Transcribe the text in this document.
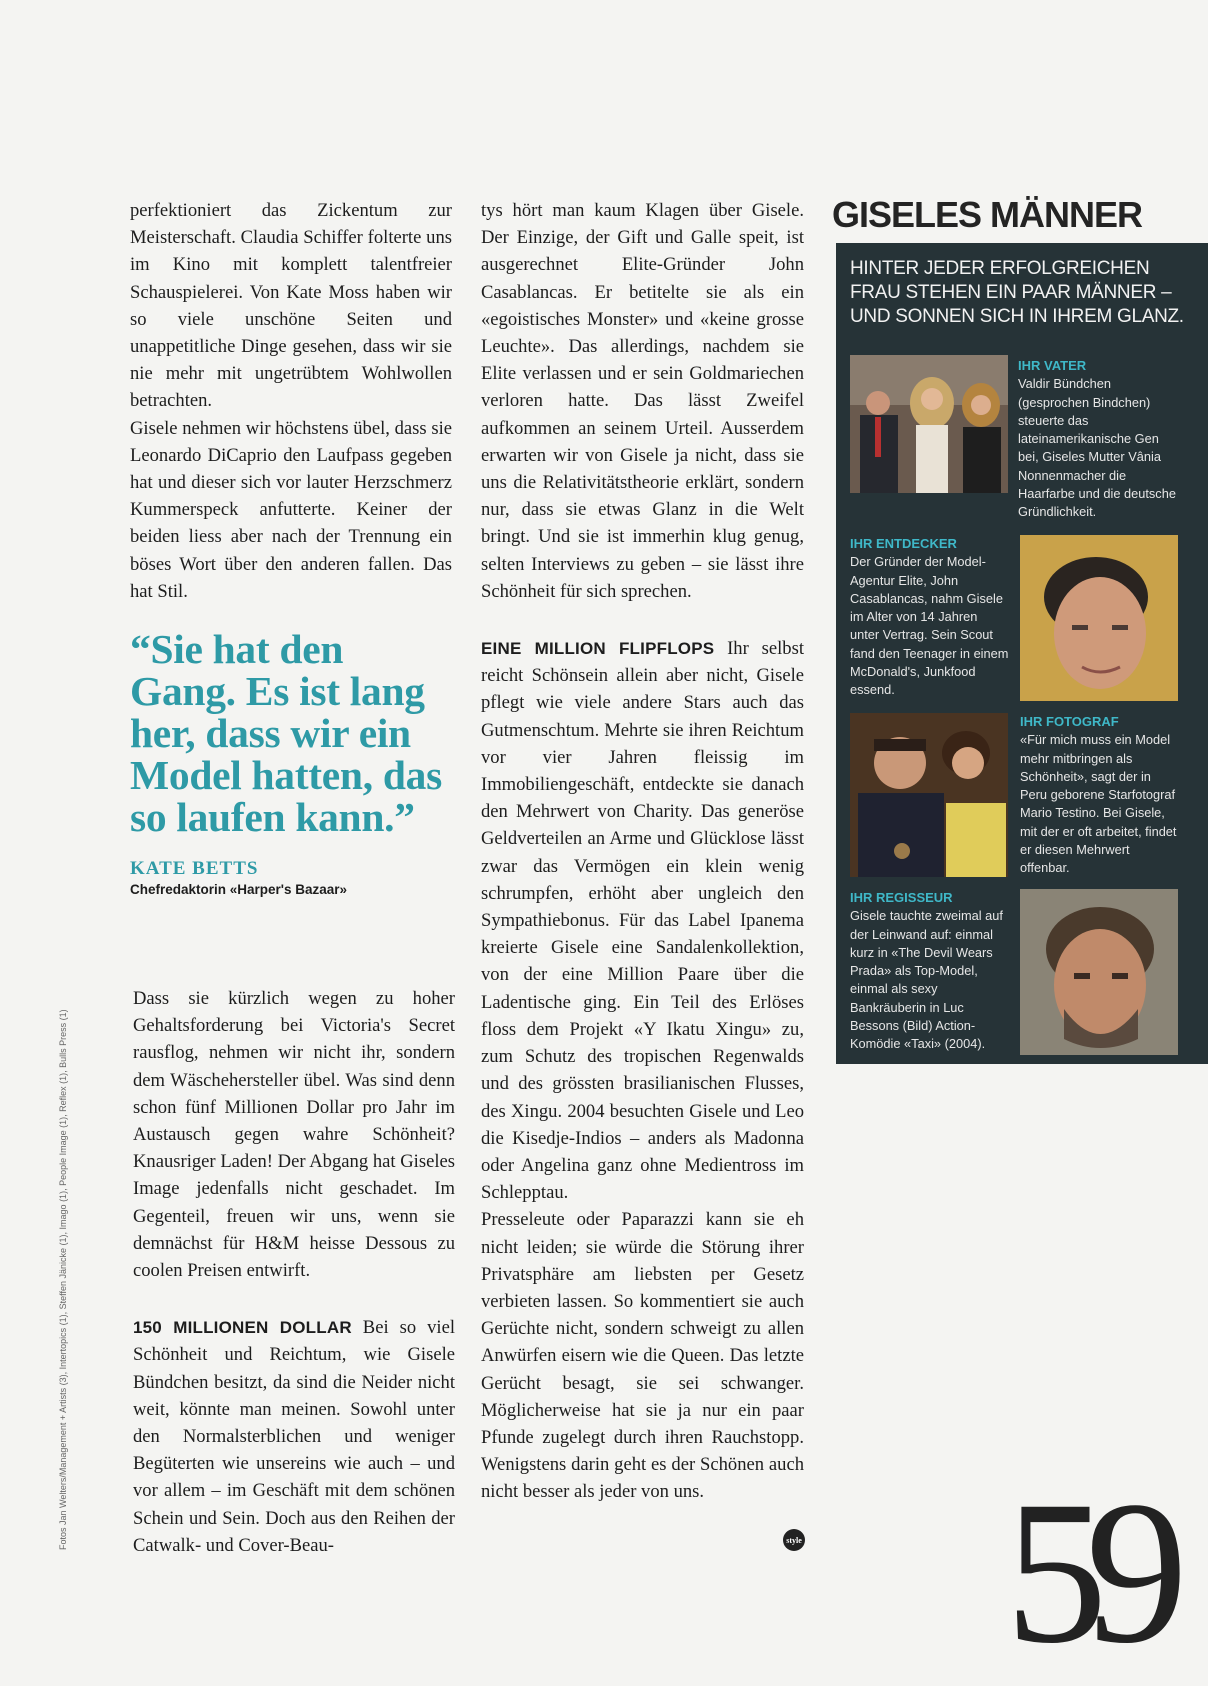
perfektioniert das Zickentum zur Meisterschaft. Claudia Schiffer folterte uns im Kino mit komplett talentfreier Schauspielerei. Von Kate Moss haben wir so viele unschöne Seiten und unappetitliche Dinge gesehen, dass wir sie nie mehr mit ungetrübtem Wohlwollen betrachten.

Gisele nehmen wir höchstens übel, dass sie Leonardo DiCaprio den Laufpass gegeben hat und dieser sich vor lauter Herzschmerz Kummerspeck anfutterte. Keiner der beiden liess aber nach der Trennung ein böses Wort über den anderen fallen. Das hat Stil.

“Sie hat den Gang. Es ist lang her, dass wir ein Model hatten, das so laufen kann.”

KATE BETTS

Chefredaktorin «Harper's Bazaar»

Dass sie kürzlich wegen zu hoher Gehaltsforderung bei Victoria's Secret rausflog, nehmen wir nicht ihr, sondern dem Wäschehersteller übel. Was sind denn schon fünf Millionen Dollar pro Jahr im Austausch gegen wahre Schönheit? Knausriger Laden! Der Abgang hat Giseles Image jedenfalls nicht geschadet. Im Gegenteil, freuen wir uns, wenn sie demnächst für H&M heisse Dessous zu coolen Preisen entwirft.

150 MILLIONEN DOLLAR Bei so viel Schönheit und Reichtum, wie Gisele Bündchen besitzt, da sind die Neider nicht weit, könnte man meinen. Sowohl unter den Normalsterblichen und weniger Begüterten wie unsereins wie auch – und vor allem – im Geschäft mit dem schönen Schein und Sein. Doch aus den Reihen der Catwalk- und Cover-Beau-

tys hört man kaum Klagen über Gisele. Der Einzige, der Gift und Galle speit, ist ausgerechnet Elite-Gründer John Casablancas. Er betitelte sie als ein «egoistisches Monster» und «keine grosse Leuchte». Das allerdings, nachdem sie Elite verlassen und er sein Goldmariechen verloren hatte. Das lässt Zweifel aufkommen an seinem Urteil. Ausserdem erwarten wir von Gisele ja nicht, dass sie uns die Relativitätstheorie erklärt, sondern nur, dass sie etwas Glanz in die Welt bringt. Und sie ist immerhin klug genug, selten Interviews zu geben – sie lässt ihre Schönheit für sich sprechen.

EINE MILLION FLIPFLOPS Ihr selbst reicht Schönsein allein aber nicht, Gisele pflegt wie viele andere Stars auch das Gutmenschtum. Mehrte sie ihren Reichtum vor vier Jahren fleissig im Immobiliengeschäft, entdeckte sie danach den Mehrwert von Charity. Das generöse Geldverteilen an Arme und Glücklose lässt zwar das Vermögen ein klein wenig schrumpfen, erhöht aber ungleich den Sympathiebonus. Für das Label Ipanema kreierte Gisele eine Sandalenkollektion, von der eine Million Paare über die Ladentische ging. Ein Teil des Erlöses floss dem Projekt «Y Ikatu Xingu» zu, zum Schutz des tropischen Regenwalds und des grössten brasilianischen Flusses, des Xingu. 2004 besuchten Gisele und Leo die Kisedje-Indios – anders als Madonna oder Angelina ganz ohne Medientross im Schlepptau.

Presseleute oder Paparazzi kann sie eh nicht leiden; sie würde die Störung ihrer Privatsphäre am liebsten per Gesetz verbieten lassen. So kommentiert sie auch Gerüchte nicht, sondern schweigt zu allen Anwürfen eisern wie die Queen. Das letzte Gerücht besagt, sie sei schwanger. Möglicherweise hat sie ja nur ein paar Pfunde zugelegt durch ihren Rauchstopp. Wenigstens darin geht es der Schönen auch nicht besser als jeder von uns.

style
Fotos Jan Welters/Management + Artists (3), Intertopics (1), Steffen Jänicke (1), Imago (1), People Image (1), Reflex (1), Bulls Press (1)
GISELES MÄNNER

HINTER JEDER ERFOLGREICHEN FRAU STEHEN EIN PAAR MÄNNER – UND SONNEN SICH IN IHREM GLANZ.

IHR VATER

Valdir Bündchen (gesprochen Bindchen) steuerte das lateinamerikanische Gen bei, Giseles Mutter Vânia Nonnenmacher die Haarfarbe und die deutsche Gründlichkeit.

IHR ENTDECKER

Der Gründer der Model-Agentur Elite, John Casablancas, nahm Gisele im Alter von 14 Jahren unter Vertrag. Sein Scout fand den Teenager in einem McDonald's, Junkfood essend.

IHR FOTOGRAF

«Für mich muss ein Model mehr mitbringen als Schönheit», sagt der in Peru geborene Starfotograf Mario Testino. Bei Gisele, mit der er oft arbeitet, findet er diesen Mehrwert offenbar.

IHR REGISSEUR

Gisele tauchte zweimal auf der Leinwand auf: einmal kurz in «The Devil Wears Prada» als Top-Model, einmal als sexy Bankräuberin in Luc Bessons (Bild) Action-Komödie «Taxi» (2004).

59
